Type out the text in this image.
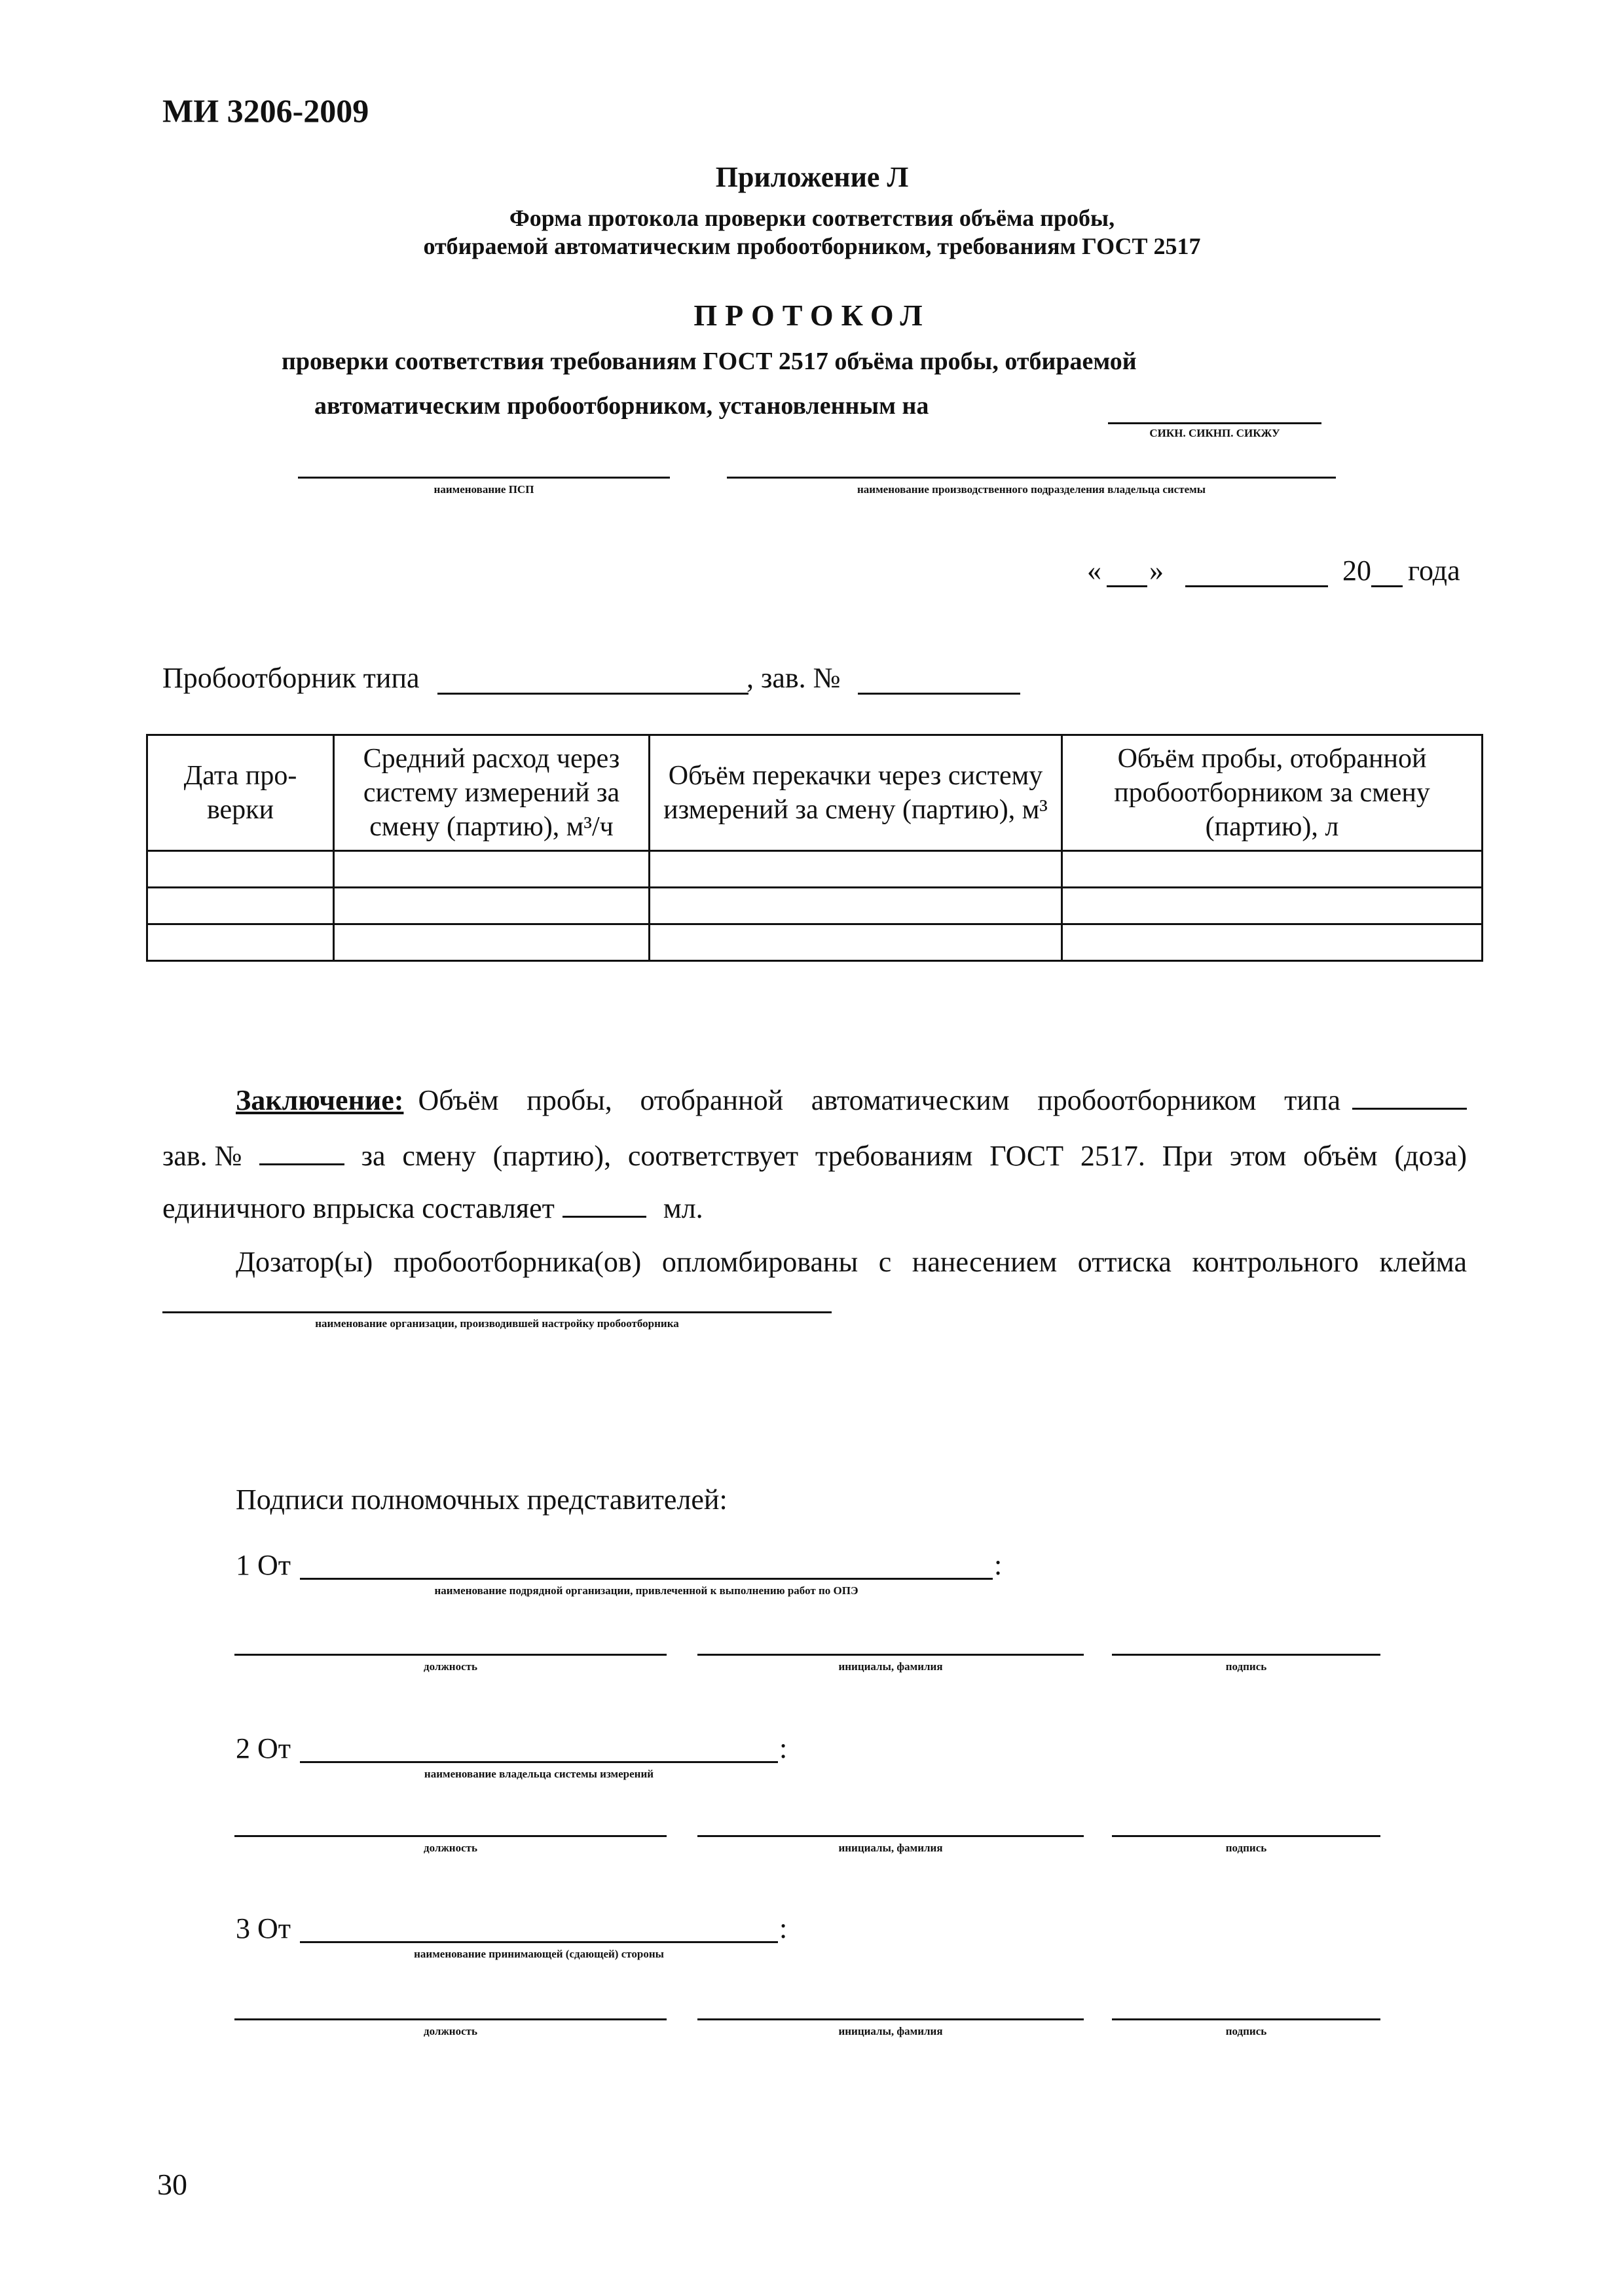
МИ 3206-2009
Приложение Л
Форма протокола проверки соответствия объёма пробы,
отбираемой автоматическим пробоотборником, требованиям ГОСТ 2517
ПРОТОКОЛ
проверки соответствия требованиям ГОСТ 2517 объёма пробы, отбираемой
автоматическим пробоотборником, установленным на
СИКН. СИКНП. СИКЖУ
наименование ПСП	наименование производственного подразделения владельца системы
« »	20 года
Пробоотборник типа	, зав. №
Дата про- верки	Средний расход через систему измерений за смену (партию), м³/ч	Объём перекачки через систему измерений за смену (партию), м³	Объём пробы, отобранной пробоотборником за смену (партию), л

Заключение: Объём пробы, отобранной автоматическим пробоотборником типа
зав. №	за смену (партию), соответствует требованиям ГОСТ 2517. При этом объём (доза)
единичного впрыска составляет	мл.
Дозатор(ы) пробоотборника(ов) опломбированы с нанесением оттиска контрольного клейма
наименование организации, производившей настройку пробоотборника
Подписи полномочных представителей:
1 От	:
наименование подрядной организации, привлеченной к выполнению работ по ОПЭ
должность	инициалы, фамилия	подпись
2 От	:
наименование владельца системы измерений
должность	инициалы, фамилия	подпись
3 От	:
наименование принимающей (сдающей) стороны
должность	инициалы, фамилия	подпись
30
